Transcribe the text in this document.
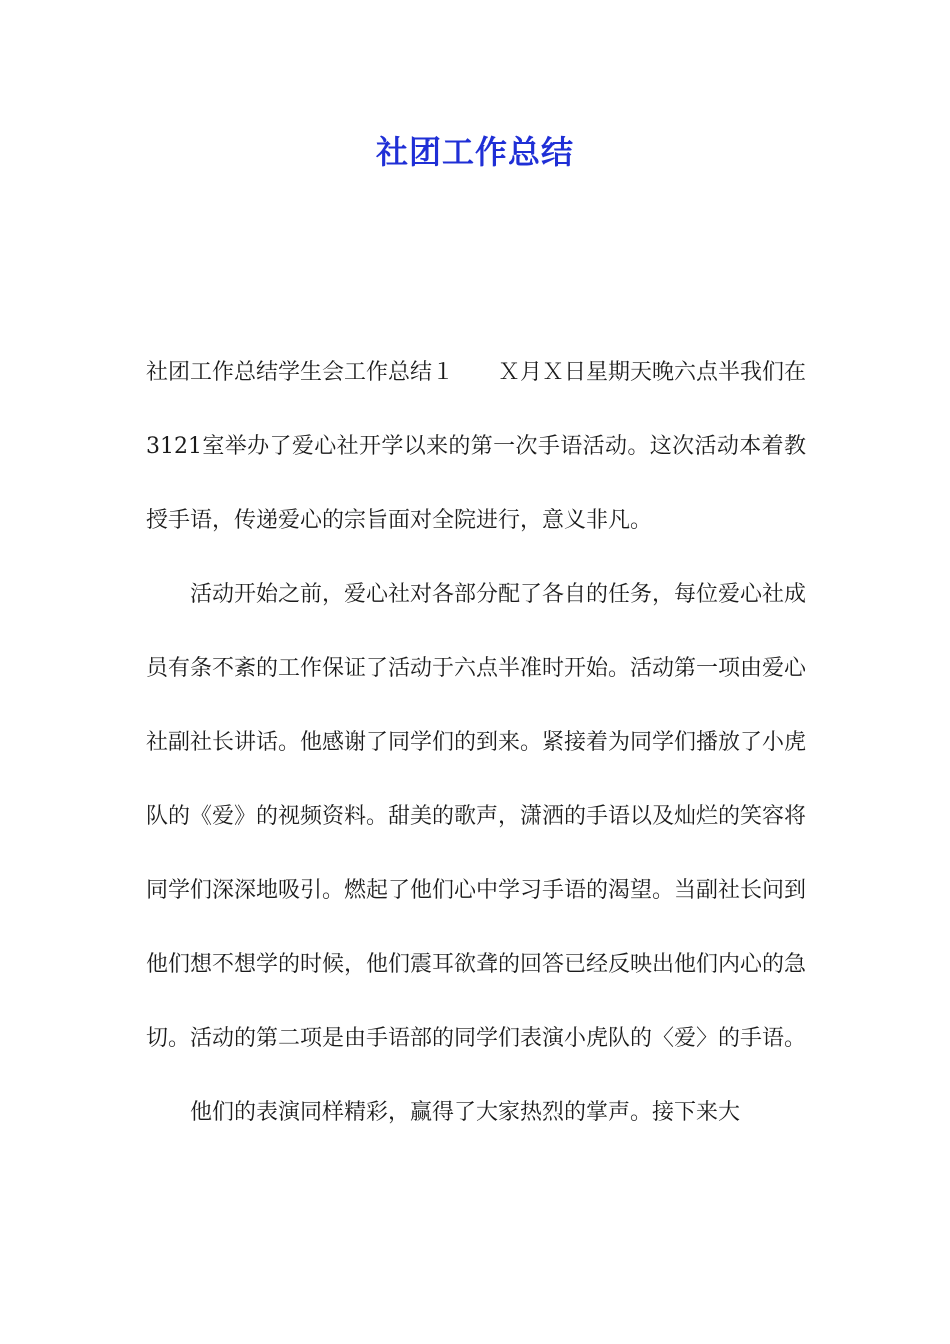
社团工作总结

社团工作总结学生会工作总结１　　Ｘ月Ｘ日星期天晚六点半我们在3121室举办了爱心社开学以来的第一次手语活动。这次活动本着教授手语，传递爱心的宗旨面对全院进行，意义非凡。

活动开始之前，爱心社对各部分配了各自的任务，每位爱心社成员有条不紊的工作保证了活动于六点半准时开始。活动第一项由爱心社副社长讲话。他感谢了同学们的到来。紧接着为同学们播放了小虎队的《爱》的视频资料。甜美的歌声，潇洒的手语以及灿烂的笑容将同学们深深地吸引。燃起了他们心中学习手语的渴望。当副社长问到他们想不想学的时候，他们震耳欲聋的回答已经反映出他们内心的急切。活动的第二项是由手语部的同学们表演小虎队的〈爱〉的手语。

他们的表演同样精彩，赢得了大家热烈的掌声。接下来大
